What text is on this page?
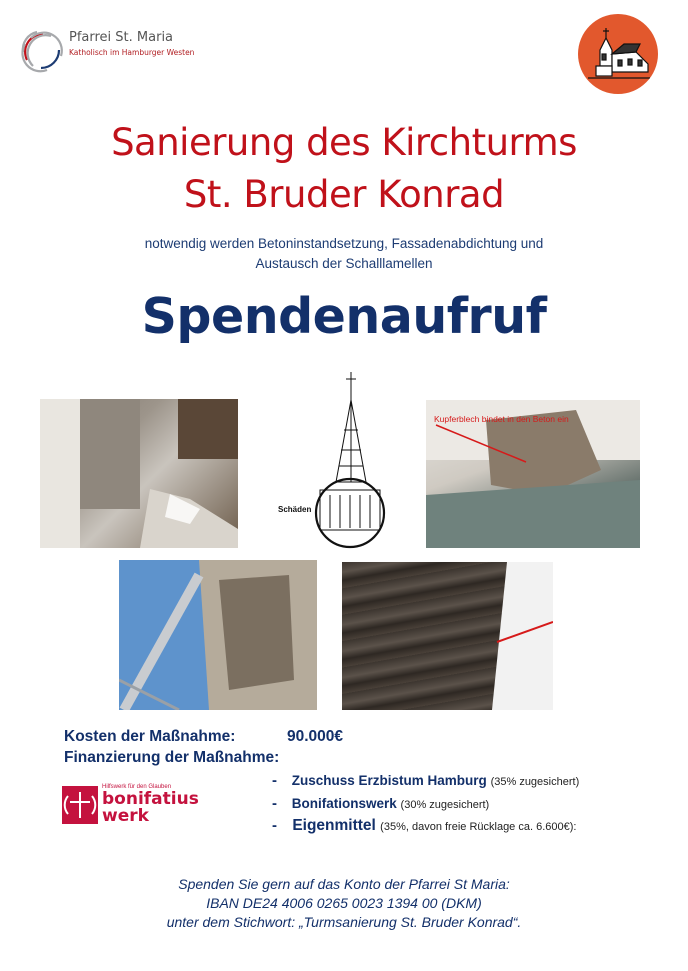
Pfarrei St. Maria
Katholisch im Hamburger Westen
Sanierung des Kirchturms
St. Bruder Konrad
notwendig werden Betoninstandsetzung, Fassadenabdichtung und
Austausch der Schalllamellen
Spendenaufruf
Schäden
Kupferblech bindet in den Beton ein
Kosten der Maßnahme:	90.000€
Finanzierung der Maßnahme:
- Zuschuss Erzbistum Hamburg (35% zugesichert)
- Bonifationswerk (30% zugesichert)
- Eigenmittel (35%, davon freie Rücklage ca. 6.600€):
Hilfswerk für den Glauben
bonifatius
werk
Spenden Sie gern auf das Konto der Pfarrei St Maria:
IBAN DE24 4006 0265 0023 1394 00 (DKM)
unter dem Stichwort: „Turmsanierung St. Bruder Konrad“.
